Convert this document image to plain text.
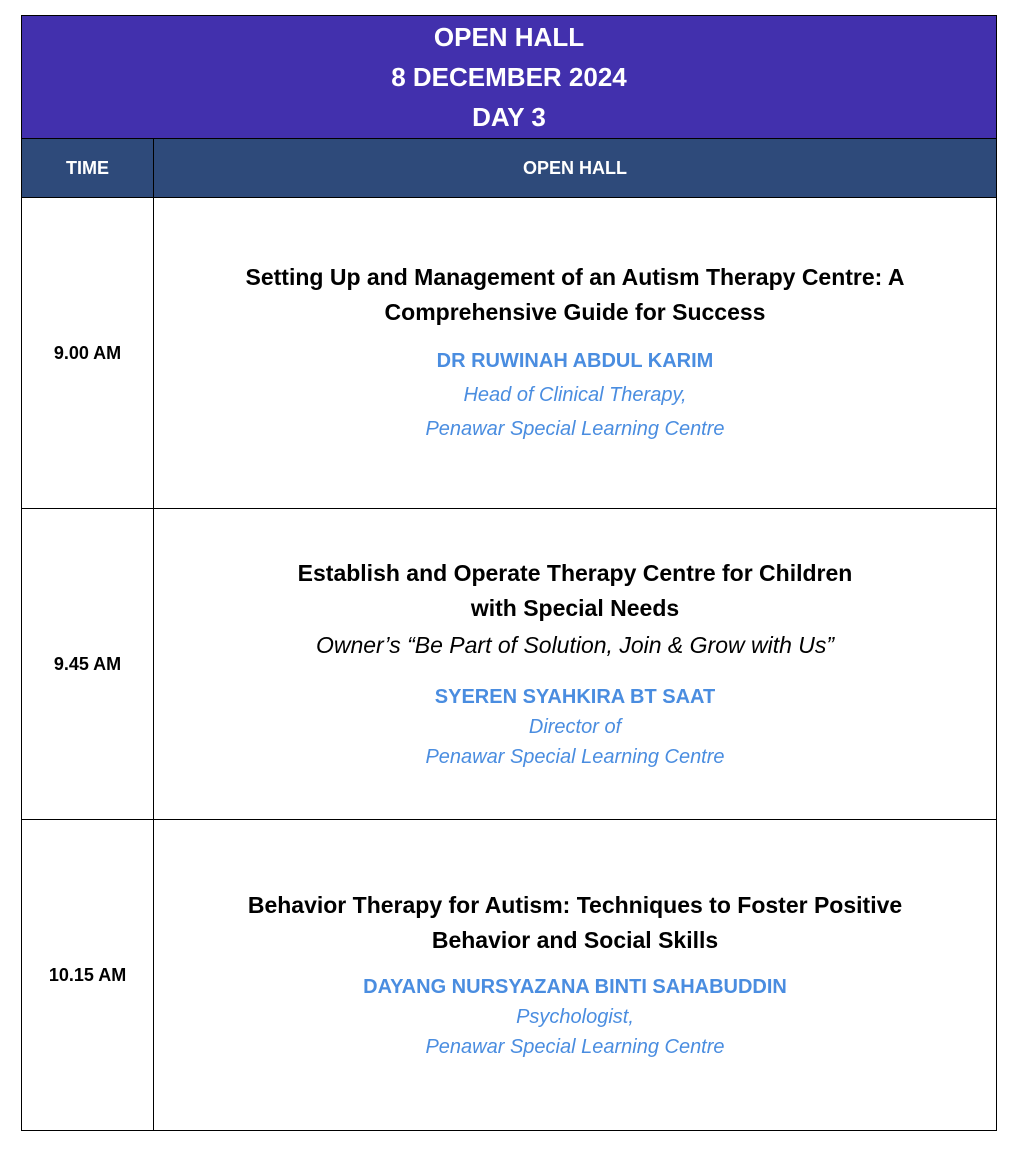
OPEN HALL
8 DECEMBER 2024
DAY 3
TIME	OPEN HALL
9.00 AM
Setting Up and Management of an Autism Therapy Centre: A
Comprehensive Guide for Success
DR RUWINAH ABDUL KARIM
Head of Clinical Therapy,
Penawar Special Learning Centre
9.45 AM
Establish and Operate Therapy Centre for Children
with Special Needs
Owner’s “Be Part of Solution, Join & Grow with Us”
SYEREN SYAHKIRA BT SAAT
Director of
Penawar Special Learning Centre
10.15 AM
Behavior Therapy for Autism: Techniques to Foster Positive
Behavior and Social Skills
DAYANG NURSYAZANA BINTI SAHABUDDIN
Psychologist,
Penawar Special Learning Centre
